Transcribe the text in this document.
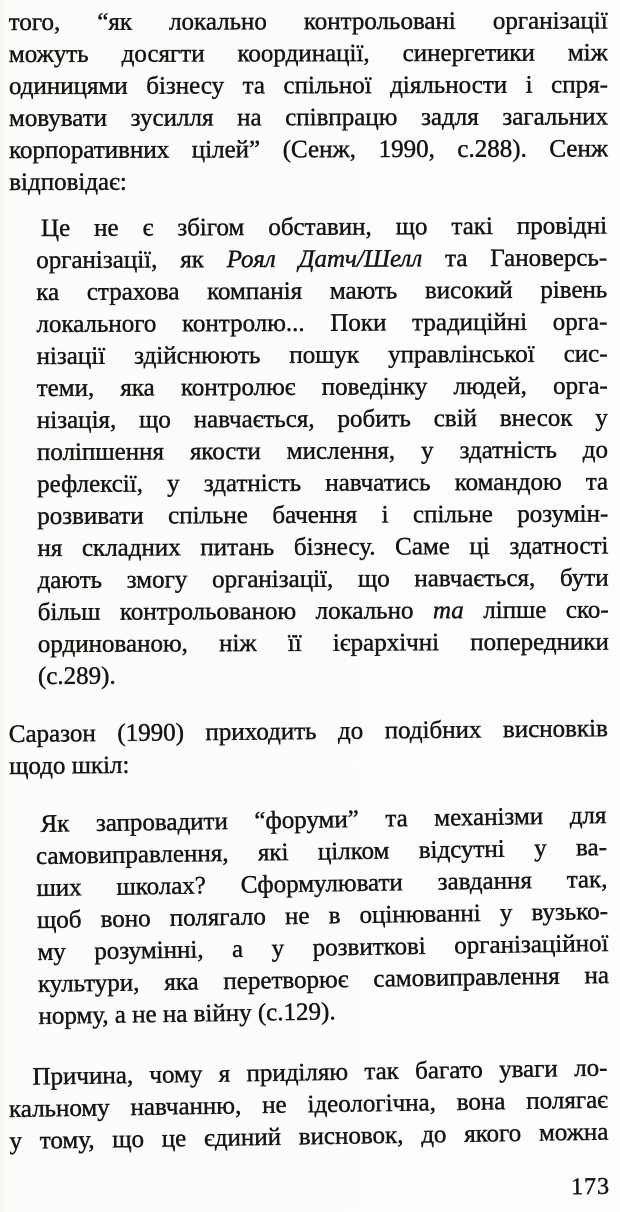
того, “як локально контрольовані організації
можуть досягти координації, синергетики між
одиницями бізнесу та спільної діяльности і спря-
мовувати зусилля на співпрацю задля загальних
корпоративних цілей” (Сенж, 1990, с.288). Сенж
відповідає:
Це не є збігом обставин, що такі провідні
організації, як Роял Датч/Шелл та Гановерсь-
ка страхова компанія мають високий рівень
локального контролю... Поки традиційні орга-
нізації здійснюють пошук управлінської сис-
теми, яка контролює поведінку людей, орга-
нізація, що навчається, робить свій внесок у
поліпшення якости мислення, у здатність до
рефлексії, у здатність навчатись командою та
розвивати спільне бачення і спільне розумін-
ня складних питань бізнесу. Саме ці здатності
дають змогу організації, що навчається, бути
більш контрольованою локально та ліпше ско-
ординованою, ніж її ієрархічні попередники
(с.289).
Саразон (1990) приходить до подібних висновків
щодо шкіл:
Як запровадити “форуми” та механізми для
самовиправлення, які цілком відсутні у ва-
ших школах? Сформулювати завдання так,
щоб воно полягало не в оцінюванні у вузько-
му розумінні, а у розвиткові організаційної
культури, яка перетворює самовиправлення на
норму, а не на війну (с.129).
Причина, чому я приділяю так багато уваги ло-
кальному навчанню, не ідеологічна, вона полягає
у тому, що це єдиний висновок, до якого можна
173
